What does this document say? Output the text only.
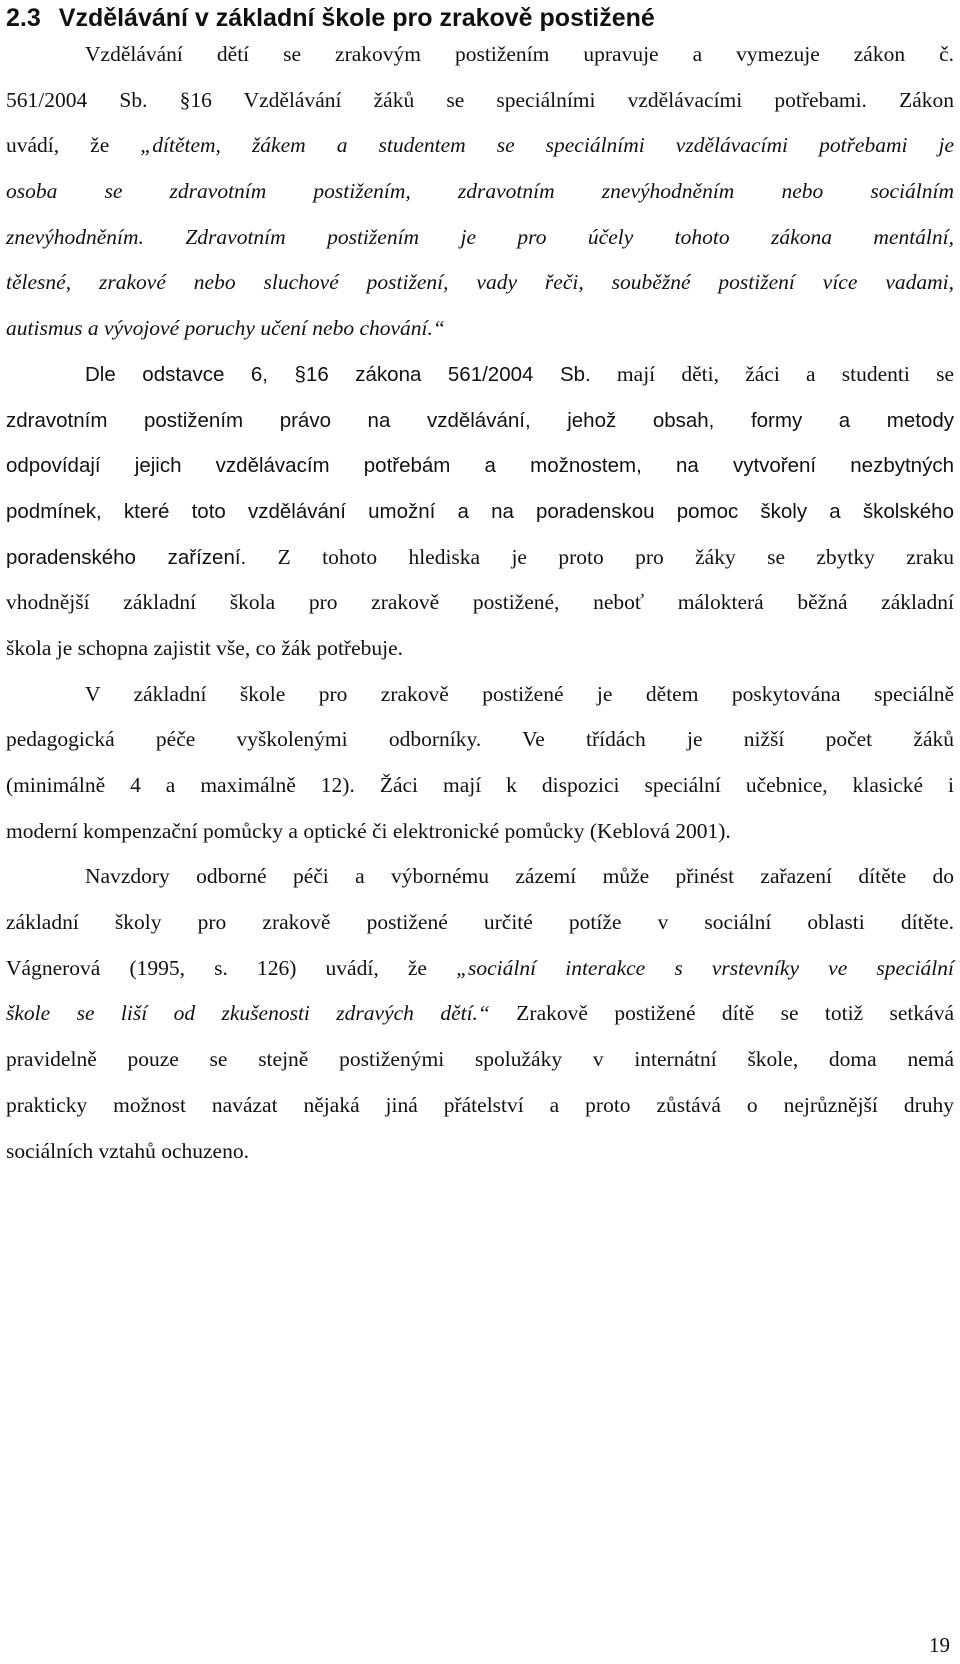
2.3 Vzdělávání v základní škole pro zrakově postižené
Vzdělávání dětí se zrakovým postižením upravuje a vymezuje zákon č.
561/2004 Sb. §16 Vzdělávání žáků se speciálními vzdělávacími potřebami. Zákon
uvádí, že „dítětem, žákem a studentem se speciálními vzdělávacími potřebami je
osoba se zdravotním postižením, zdravotním znevýhodněním nebo sociálním
znevýhodněním. Zdravotním postižením je pro účely tohoto zákona mentální,
tělesné, zrakové nebo sluchové postižení, vady řeči, souběžné postižení více vadami,
autismus a vývojové poruchy učení nebo chování.“
Dle odstavce 6, §16 zákona 561/2004 Sb. mají děti, žáci a studenti se
zdravotním postižením právo na vzdělávání, jehož obsah, formy a metody
odpovídají jejich vzdělávacím potřebám a možnostem, na vytvoření nezbytných
podmínek, které toto vzdělávání umožní a na poradenskou pomoc školy a školského
poradenského zařízení. Z tohoto hlediska je proto pro žáky se zbytky zraku
vhodnější základní škola pro zrakově postižené, neboť málokterá běžná základní
škola je schopna zajistit vše, co žák potřebuje.
V základní škole pro zrakově postižené je dětem poskytována speciálně
pedagogická péče vyškolenými odborníky. Ve třídách je nižší počet žáků
(minimálně 4 a maximálně 12). Žáci mají k dispozici speciální učebnice, klasické i
moderní kompenzační pomůcky a optické či elektronické pomůcky (Keblová 2001).
Navzdory odborné péči a výbornému zázemí může přinést zařazení dítěte do
základní školy pro zrakově postižené určité potíže v sociální oblasti dítěte.
Vágnerová (1995, s. 126) uvádí, že „sociální interakce s vrstevníky ve speciální
škole se liší od zkušenosti zdravých dětí.“ Zrakově postižené dítě se totiž setkává
pravidelně pouze se stejně postiženými spolužáky v internátní škole, doma nemá
prakticky možnost navázat nějaká jiná přátelství a proto zůstává o nejrůznější druhy
sociálních vztahů ochuzeno.
19
